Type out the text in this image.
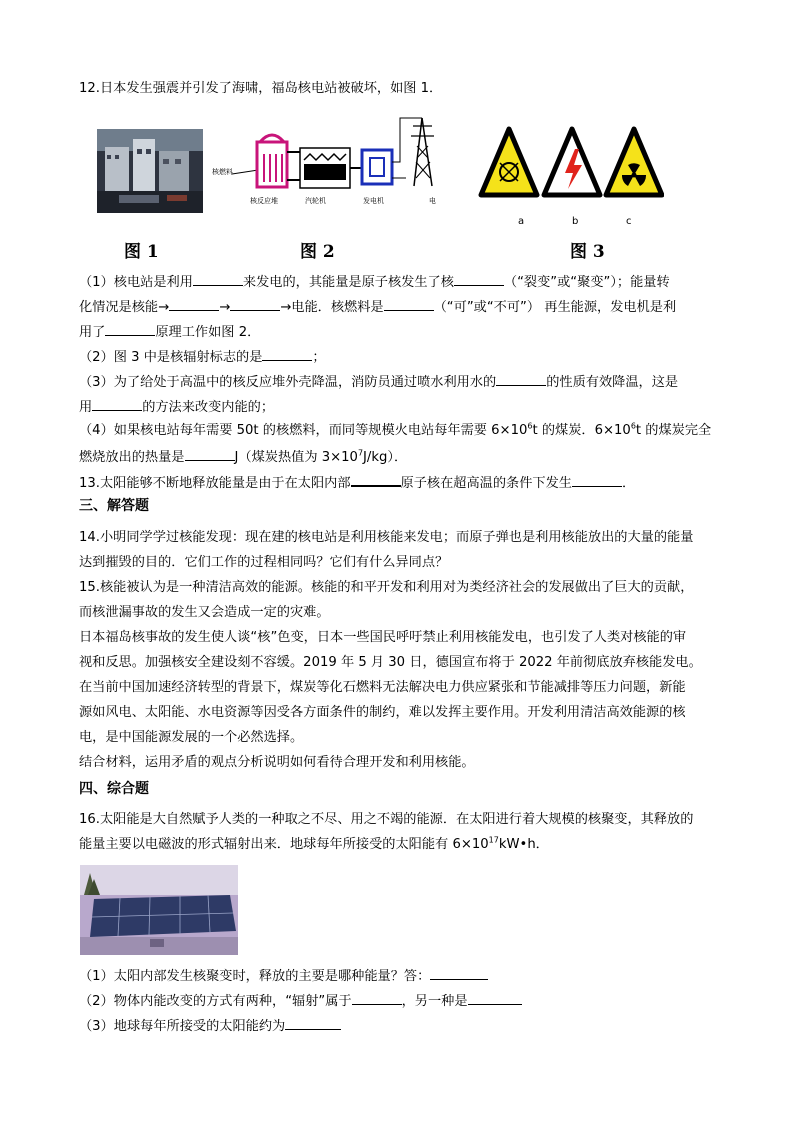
12.日本发生强震并引发了海啸，福岛核电站被破坏，如图 1．
核燃料
核反应堆	汽轮机	发电机	电
a	b	c
图 1	图 2	图 3
（1）核电站是利用	来发电的，其能量是原子核发生了核	（“裂变”或“聚变”）；能量转
化情况是核能→	→	→电能．核燃料是	（“可”或“不可”） 再生能源，发电机是利
用了	原理工作如图 2．
（2）图 3 中是核辐射标志的是	；
（3）为了给处于高温中的核反应堆外壳降温，消防员通过喷水利用水的	的性质有效降温，这是
用	的方法来改变内能的；
（4）如果核电站每年需要 50t 的核燃料，而同等规模火电站每年需要 $6\times 10^6t$ 的煤炭．$6\times 10^6t$ 的煤炭完全
燃烧放出的热量是	J（煤炭热值为 $3\times 10^7J/kg$）．
13.太阳能够不断地释放能量是由于在太阳内部	原子核在超高温的条件下发生	．
三、解答题
14.小明同学学过核能发现：现在建的核电站是利用核能来发电；而原子弹也是利用核能放出的大量的能量
达到摧毁的目的．它们工作的过程相同吗？它们有什么异同点？
15.核能被认为是一种清洁高效的能源。核能的和平开发和利用对为类经济社会的发展做出了巨大的贡献，
而核泄漏事故的发生又会造成一定的灾难。
日本福岛核事故的发生使人谈“核”色变，日本一些国民呼吁禁止利用核能发电，也引发了人类对核能的审
视和反思。加强核安全建设刻不容缓。2019 年 5 月 30 日，德国宣布将于 2022 年前彻底放弃核能发电。
在当前中国加速经济转型的背景下，煤炭等化石燃料无法解决电力供应紧张和节能减排等压力问题，新能
源如风电、太阳能、水电资源等因受各方面条件的制约，难以发挥主要作用。开发利用清洁高效能源的核
电，是中国能源发展的一个必然选择。
结合材料，运用矛盾的观点分析说明如何看待合理开发和利用核能。
四、综合题
16.太阳能是大自然赋予人类的一种取之不尽、用之不竭的能源．在太阳进行着大规模的核聚变，其释放的
能量主要以电磁波的形式辐射出来．地球每年所接受的太阳能有 $6\times 10^{17}kW•h$．
（1）太阳内部发生核聚变时，释放的主要是哪种能量？答：
（2）物体内能改变的方式有两种，“辐射”属于	，另一种是
（3）地球每年所接受的太阳能约为
